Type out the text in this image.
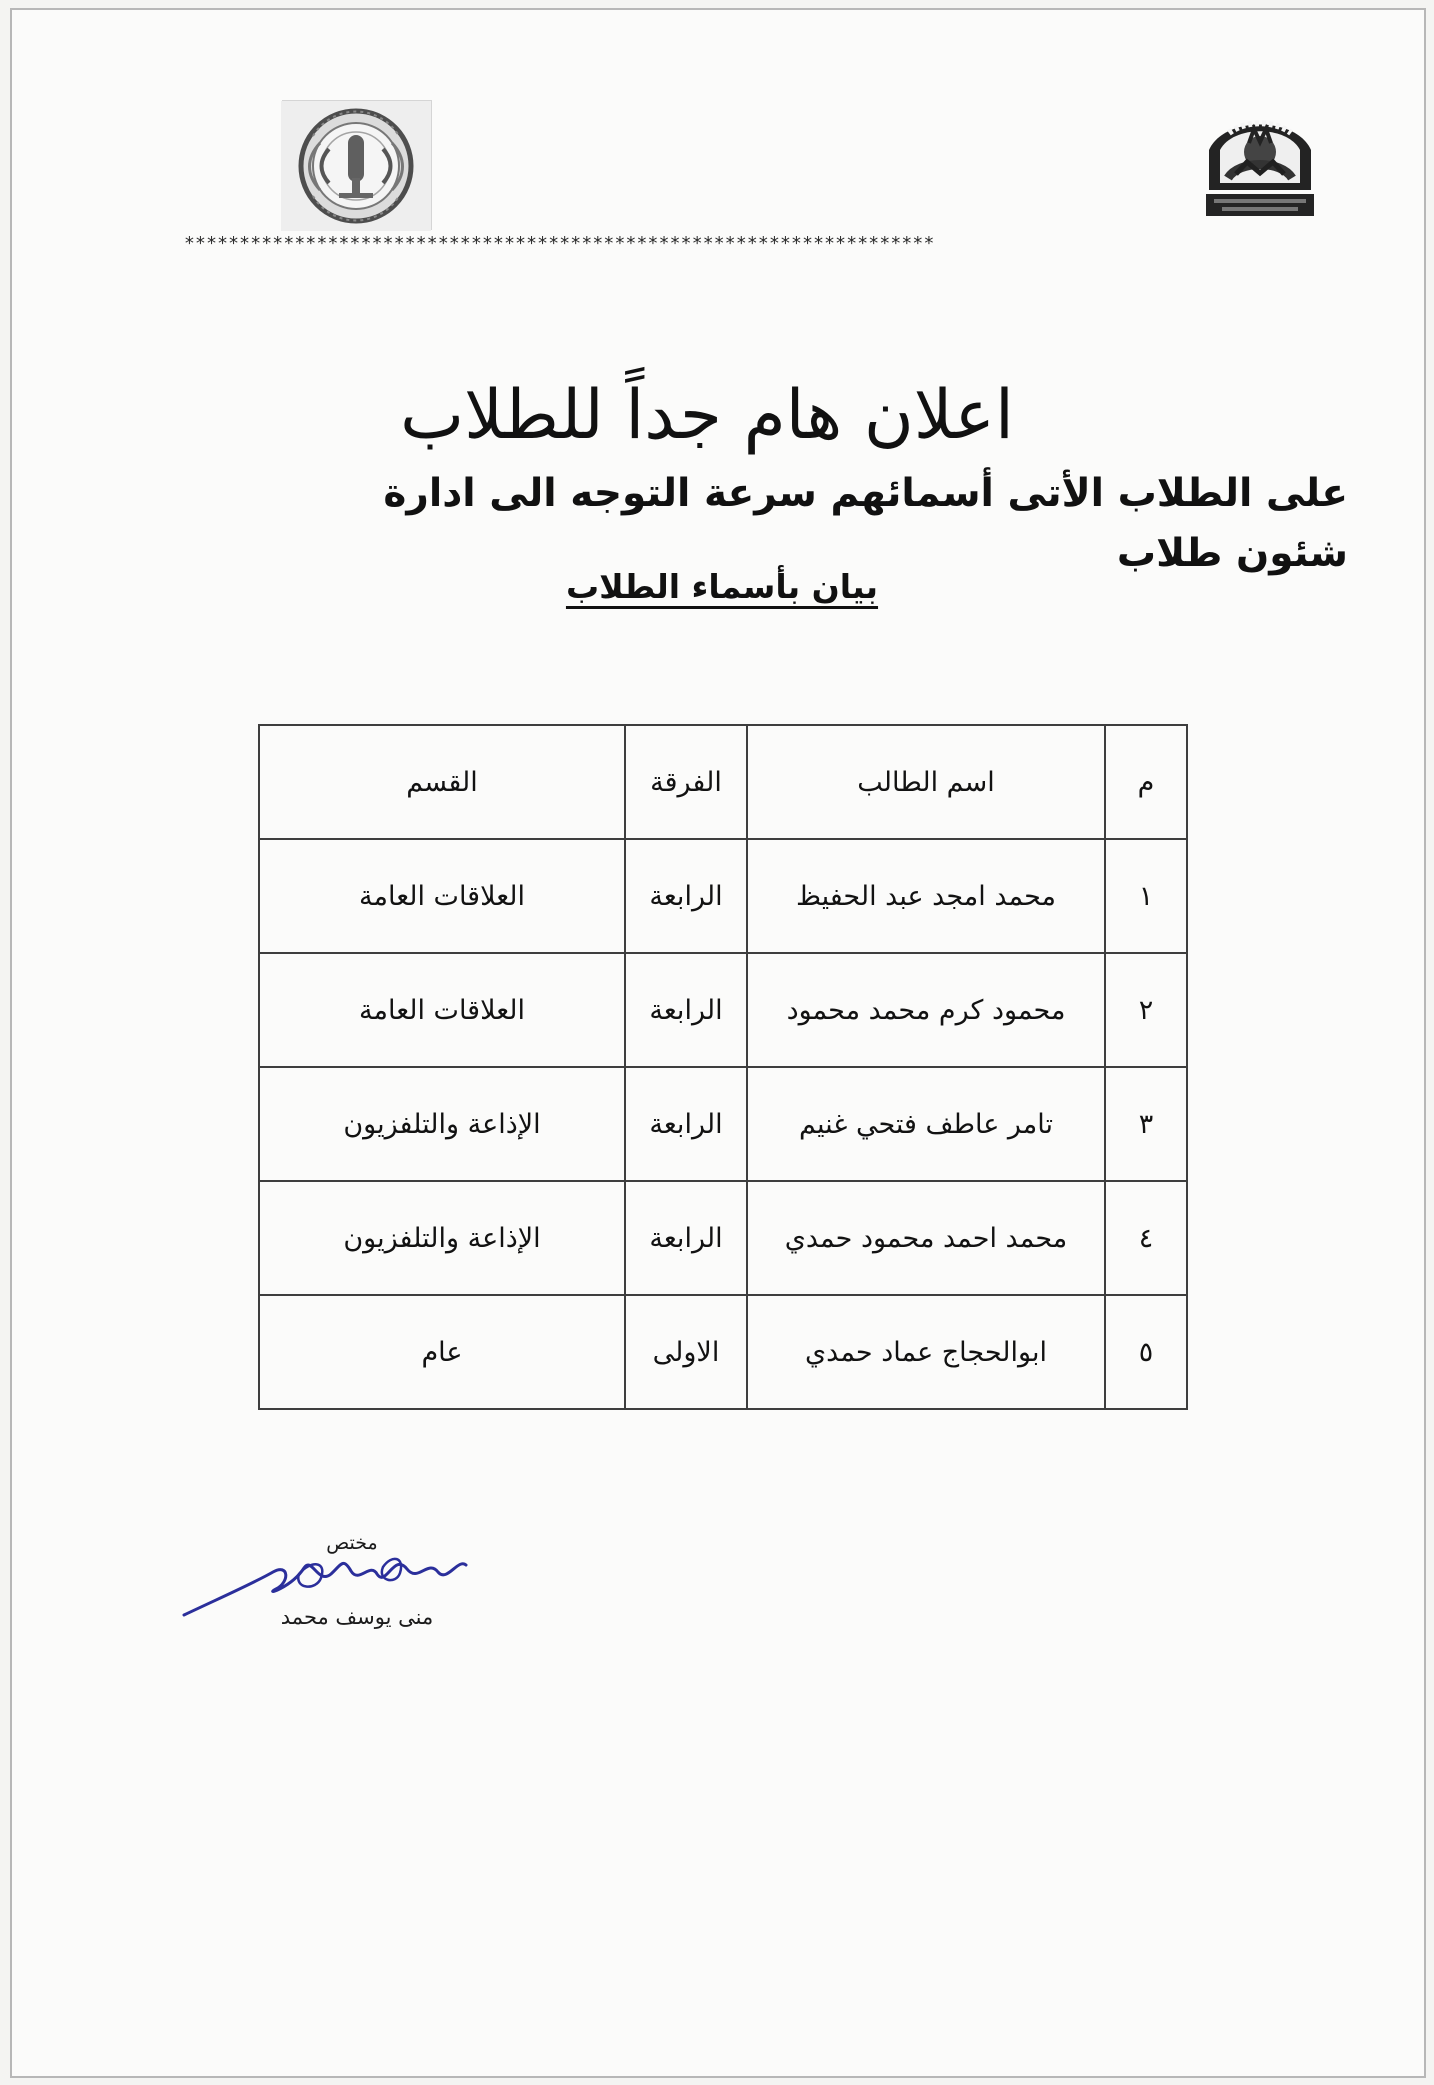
********************************************************************
اعلان هام جداً للطلاب
على الطلاب الأتى أسمائهم سرعة التوجه الى ادارة شئون طلاب
بيان بأسماء الطلاب
م	اسم الطالب	الفرقة	القسم
١	محمد امجد عبد الحفيظ	الرابعة	العلاقات العامة
٢	محمود كرم محمد محمود	الرابعة	العلاقات العامة
٣	تامر عاطف فتحي غنيم	الرابعة	الإذاعة والتلفزيون
٤	محمد احمد محمود حمدي	الرابعة	الإذاعة والتلفزيون
٥	ابوالحجاج عماد حمدي	الاولى	عام
مختص
منى يوسف محمد
